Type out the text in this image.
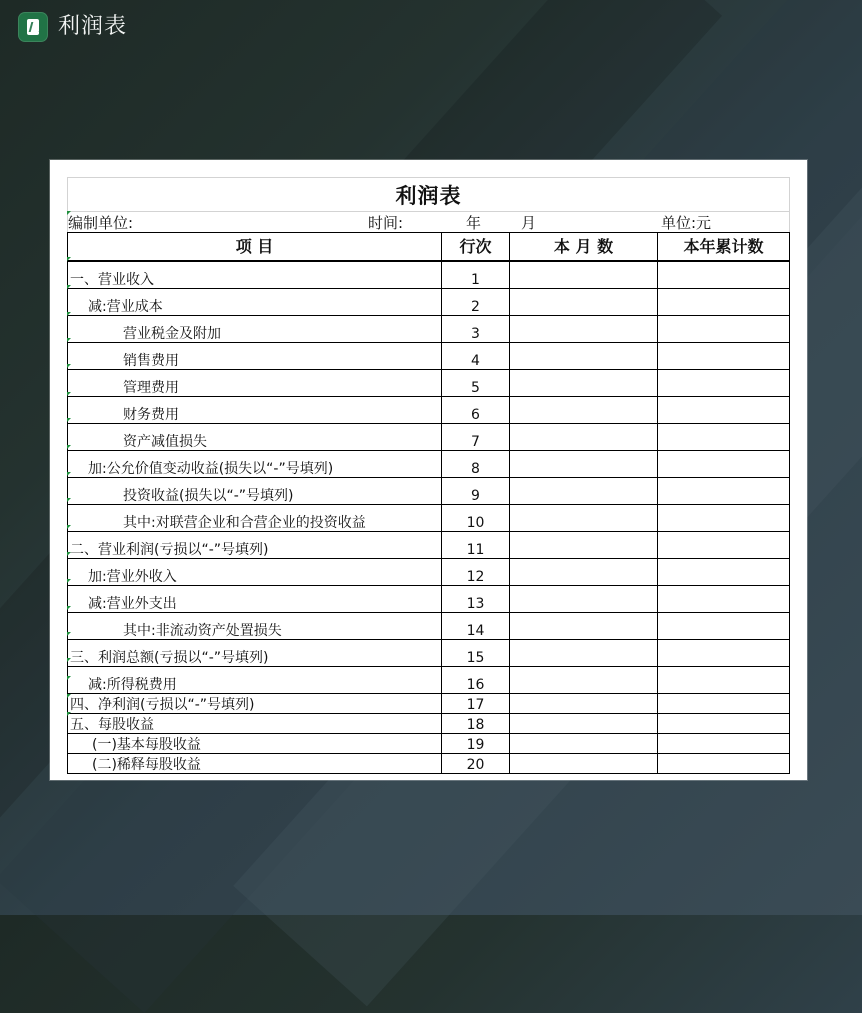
利润表
利润表
编制单位:	时间:	年	月	单位:元
项 目	行次	本 月 数	本年累计数
一、营业收入	1		
减:营业成本	2		
营业税金及附加	3		
销售费用	4		
管理费用	5		
财务费用	6		
资产减值损失	7		
加:公允价值变动收益(损失以“-”号填列)	8		
投资收益(损失以“-”号填列)	9		
其中:对联营企业和合营企业的投资收益	10		
二、营业利润(亏损以“-”号填列)	11		
加:营业外收入	12		
减:营业外支出	13		
其中:非流动资产处置损失	14		
三、利润总额(亏损以“-”号填列)	15		
减:所得税费用	16		
四、净利润(亏损以“-”号填列)	17		
五、每股收益	18		
(一)基本每股收益	19		
(二)稀释每股收益	20		
